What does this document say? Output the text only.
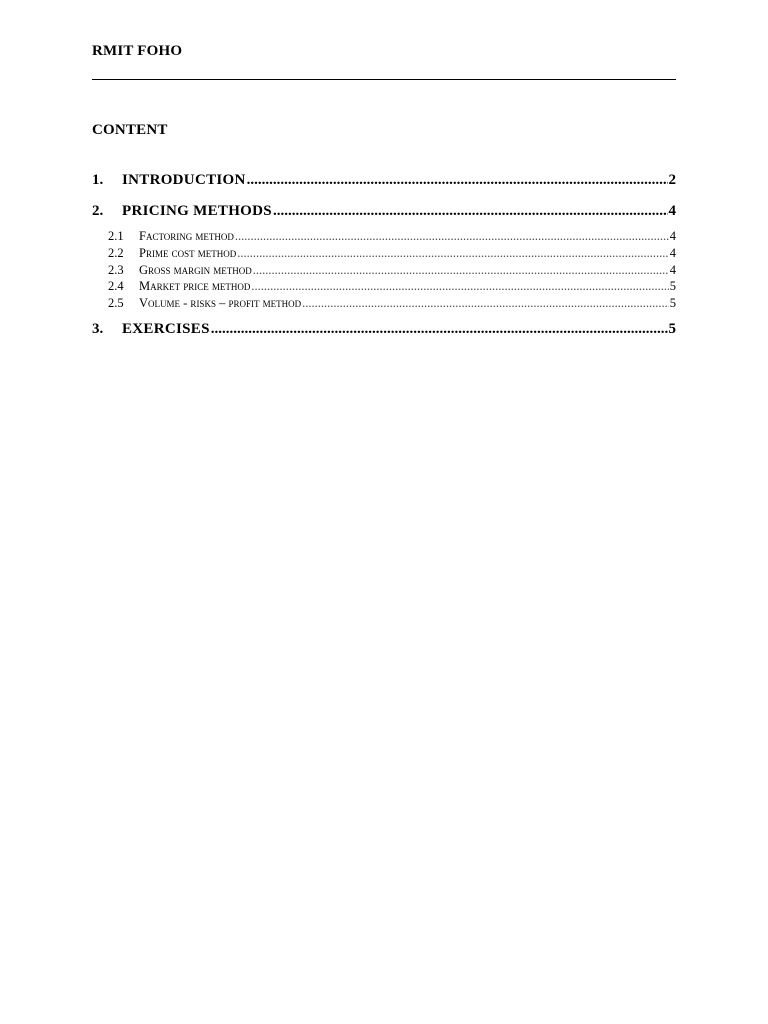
RMIT FOHO
CONTENT
1.	INTRODUCTION .....	2
2.	PRICING METHODS .....	4
2.1	Factoring method .....	4
2.2	Prime cost method .....	4
2.3	Gross margin method .....	4
2.4	Market price method .....	5
2.5	Volume - risks – profit method .....	5
3.	EXERCISES .....	5
